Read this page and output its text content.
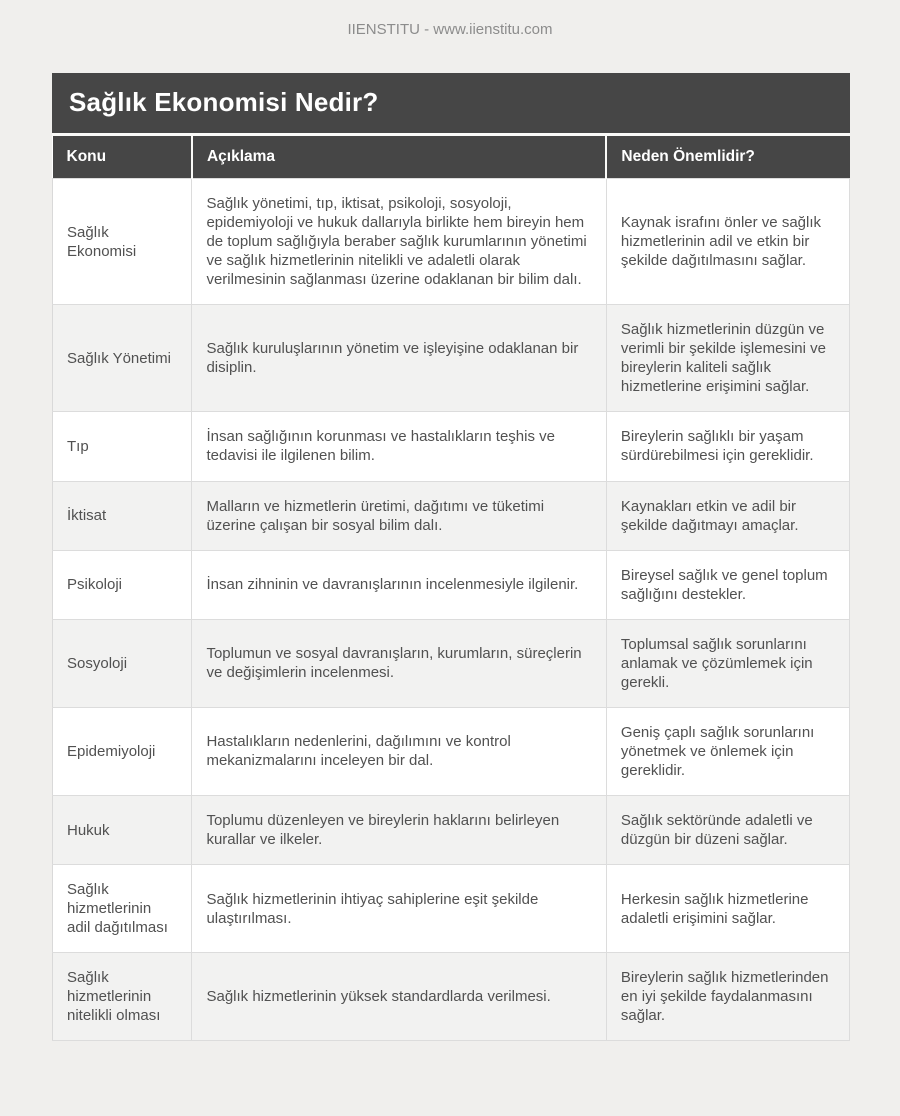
Sağlık Ekonomisi Nedir?
Konu	Açıklama	Neden Önemlidir?
Sağlık Ekonomisi	Sağlık yönetimi, tıp, iktisat, psikoloji, sosyoloji, epidemiyoloji ve hukuk dallarıyla birlikte hem bireyin hem de toplum sağlığıyla beraber sağlık kurumlarının yönetimi ve sağlık hizmetlerinin nitelikli ve adaletli olarak verilmesinin sağlanması üzerine odaklanan bir bilim dalı.	Kaynak israfını önler ve sağlık hizmetlerinin adil ve etkin bir şekilde dağıtılmasını sağlar.
Sağlık Yönetimi	Sağlık kuruluşlarının yönetim ve işleyişine odaklanan bir disiplin.	Sağlık hizmetlerinin düzgün ve verimli bir şekilde işlemesini ve bireylerin kaliteli sağlık hizmetlerine erişimini sağlar.
Tıp	İnsan sağlığının korunması ve hastalıkların teşhis ve tedavisi ile ilgilenen bilim.	Bireylerin sağlıklı bir yaşam sürdürebilmesi için gereklidir.
İktisat	Malların ve hizmetlerin üretimi, dağıtımı ve tüketimi üzerine çalışan bir sosyal bilim dalı.	Kaynakları etkin ve adil bir şekilde dağıtmayı amaçlar.
Psikoloji	İnsan zihninin ve davranışlarının incelenmesiyle ilgilenir.	Bireysel sağlık ve genel toplum sağlığını destekler.
Sosyoloji	Toplumun ve sosyal davranışların, kurumların, süreçlerin ve değişimlerin incelenmesi.	Toplumsal sağlık sorunlarını anlamak ve çözümlemek için gerekli.
Epidemiyoloji	Hastalıkların nedenlerini, dağılımını ve kontrol mekanizmalarını inceleyen bir dal.	Geniş çaplı sağlık sorunlarını yönetmek ve önlemek için gereklidir.
Hukuk	Toplumu düzenleyen ve bireylerin haklarını belirleyen kurallar ve ilkeler.	Sağlık sektöründe adaletli ve düzgün bir düzeni sağlar.
Sağlık hizmetlerinin adil dağıtılması	Sağlık hizmetlerinin ihtiyaç sahiplerine eşit şekilde ulaştırılması.	Herkesin sağlık hizmetlerine adaletli erişimini sağlar.
Sağlık hizmetlerinin nitelikli olması	Sağlık hizmetlerinin yüksek standardlarda verilmesi.	Bireylerin sağlık hizmetlerinden en iyi şekilde faydalanmasını sağlar.
IIENSTITU - www.iienstitu.com
